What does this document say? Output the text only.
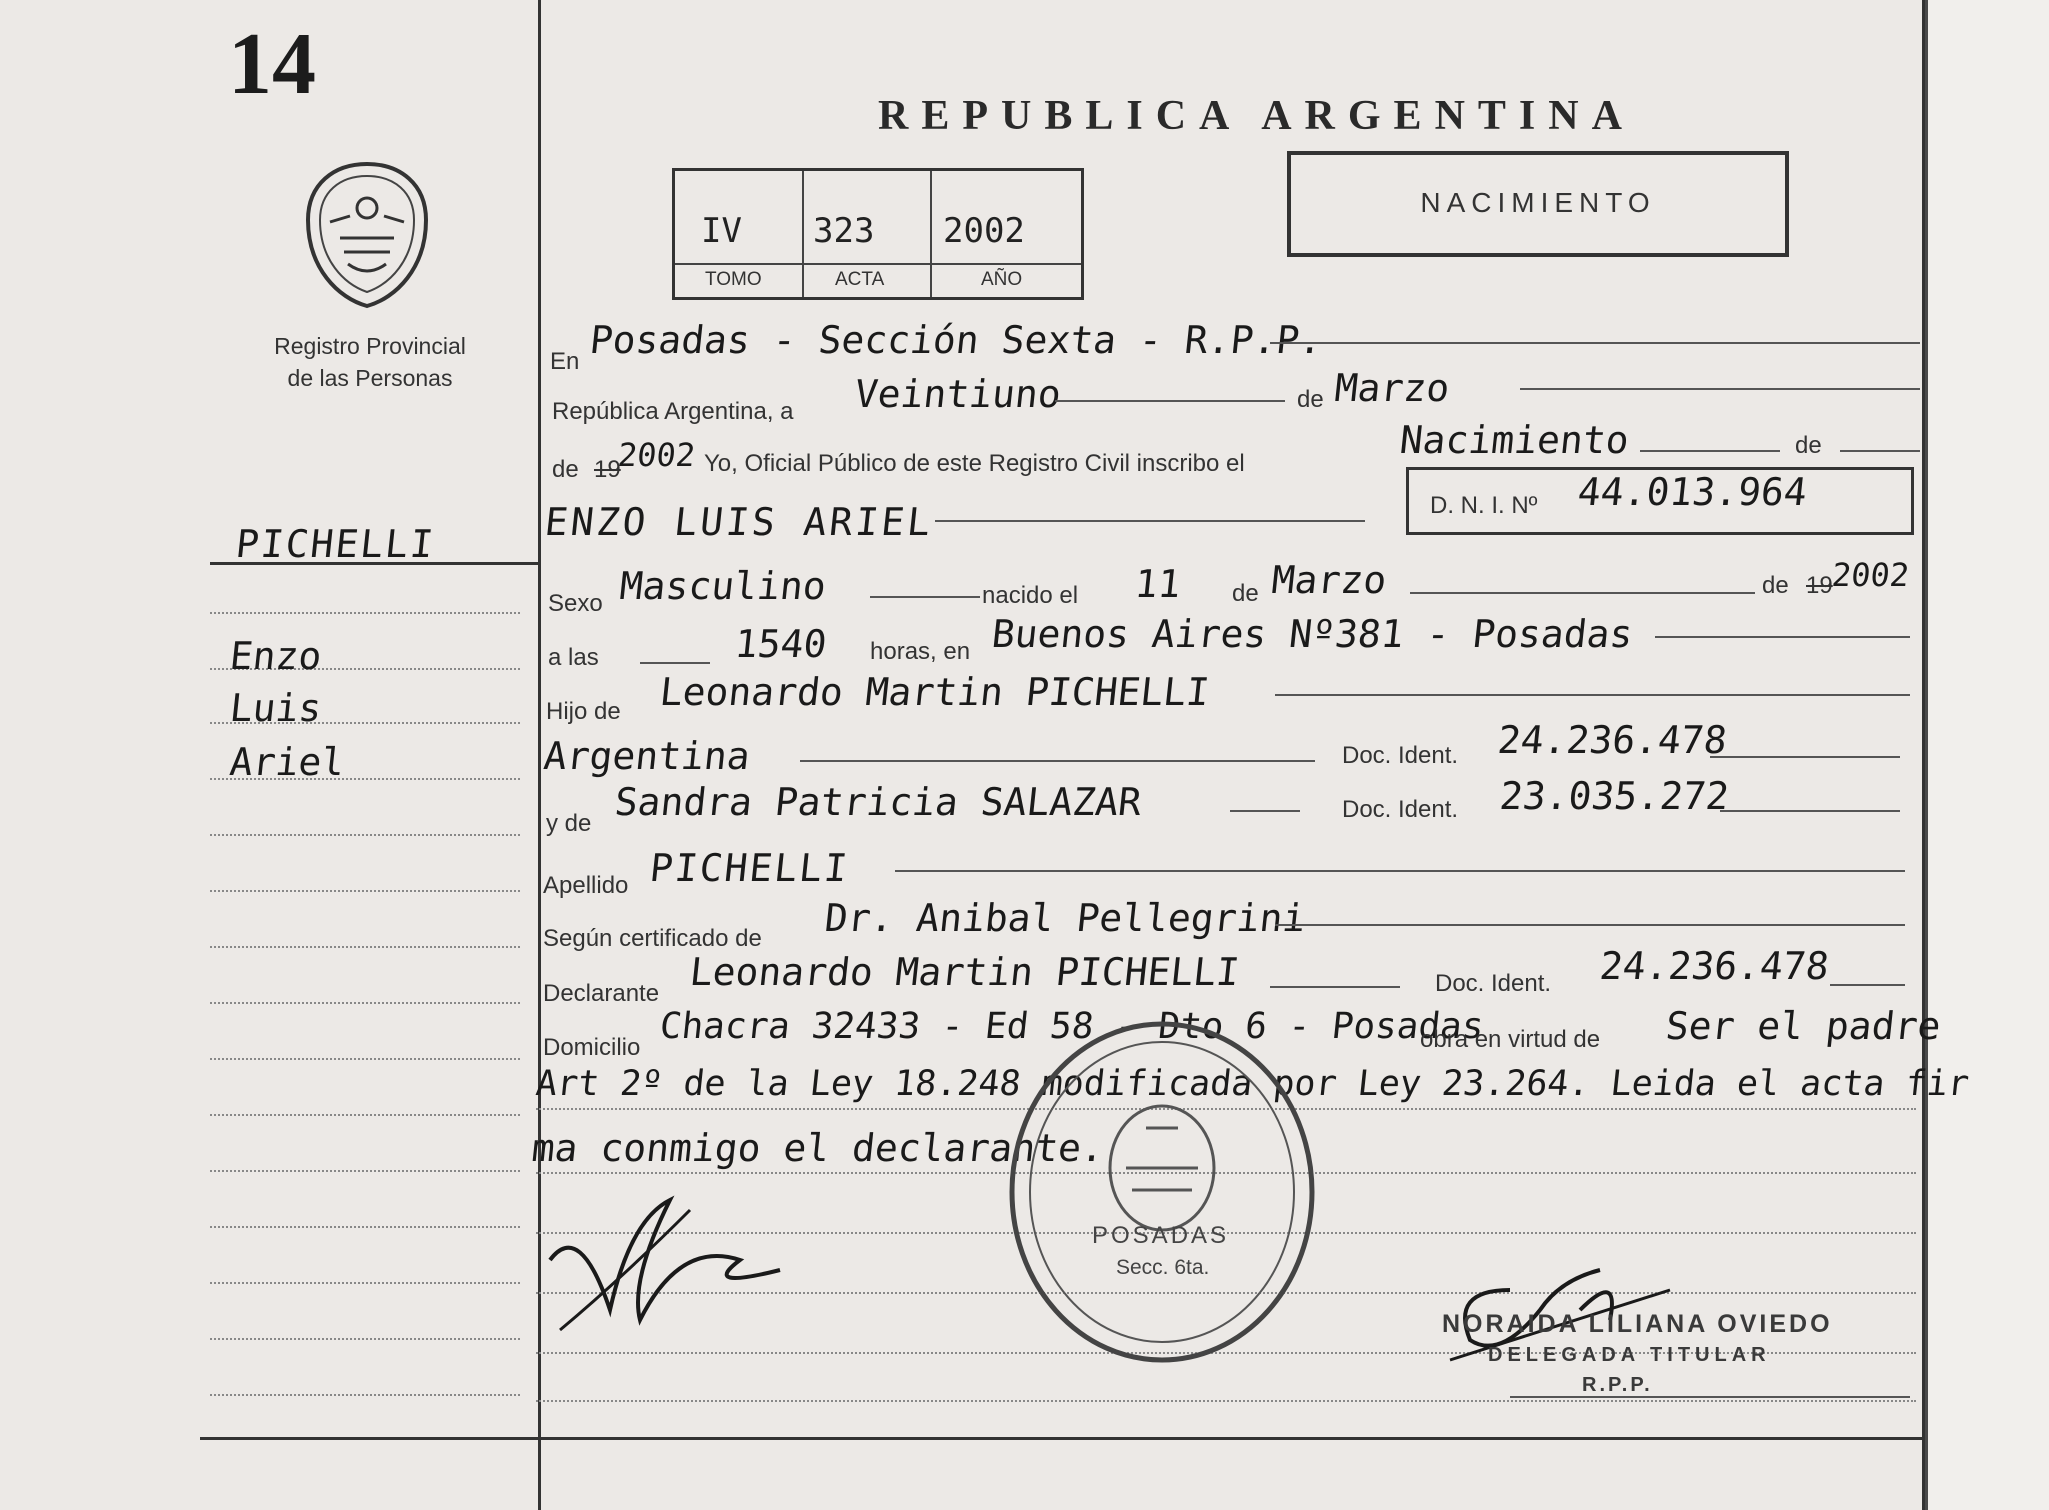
14
REPUBLICA ARGENTINA
Registro Provincial
de las Personas
IV 323 2002
TOMO	ACTA	AÑO
NACIMIENTO
PICHELLI
Enzo
Luis
Ariel
En Posadas - Sección Sexta - R.P.P.
República Argentina, a Veintiuno	de Marzo
de 19
2002 Yo, Oficial Público de este Registro Civil inscribo el
Nacimiento	de
ENZO LUIS ARIEL	D. N. I. Nº 44.013.964
Sexo Masculino	nacido el 11 de Marzo	de 19
2002
a las	1540 horas, en Buenos Aires Nº381 - Posadas
Hijo de Leonardo Martin PICHELLI
Argentina	Doc. Ident. 24.236.478
y de Sandra Patricia SALAZAR	Doc. Ident. 23.035.272
Apellido PICHELLI
Según certificado de Dr. Anibal Pellegrini
Declarante Leonardo Martin PICHELLI	Doc. Ident. 24.236.478
Domicilio
Chacra 32433 - Ed 58 - Dto 6 - Posadas
obra en virtud de Ser el padre
Art 2º de la Ley 18.248 modificada por Ley 23.264. Leida el acta fir
ma conmigo el declarante.
POSADAS
Secc. 6ta.
NORAIDA LILIANA OVIEDO
DELEGADA TITULAR
R.P.P.
